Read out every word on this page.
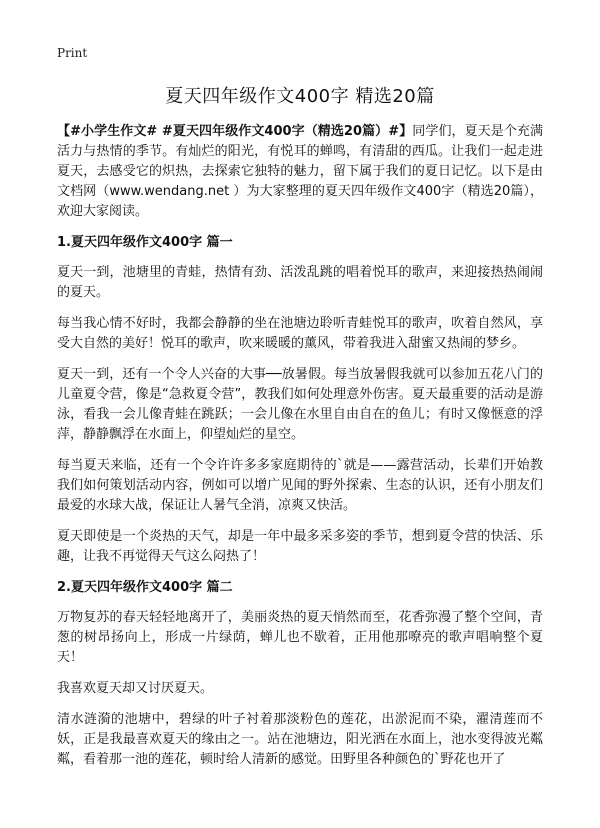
Print
夏天四年级作文400字 精选20篇

【#小学生作文# #夏天四年级作文400字（精选20篇）#】同学们，夏天是个充满活力与热情的季节。有灿烂的阳光，有悦耳的蝉鸣，有清甜的西瓜。让我们一起走进夏天，去感受它的炽热，去探索它独特的魅力，留下属于我们的夏日记忆。以下是由文档网（www.wendang.net ）为大家整理的夏天四年级作文400字（精选20篇），欢迎大家阅读。

1.夏天四年级作文400字 篇一

夏天一到，池塘里的青蛙，热情有劲、活泼乱跳的唱着悦耳的歌声，来迎接热热闹闹的夏天。

每当我心情不好时，我都会静静的坐在池塘边聆听青蛙悦耳的歌声，吹着自然风，享受大自然的美好！悦耳的歌声，吹来暖暖的薰风，带着我进入甜蜜又热闹的梦乡。

夏天一到，还有一个令人兴奋的大事──放暑假。每当放暑假我就可以参加五花八门的儿童夏令营，像是“急救夏令营”，教我们如何处理意外伤害。夏天最重要的活动是游泳，看我一会儿像青蛙在跳跃；一会儿像在水里自由自在的鱼儿；有时又像惬意的浮萍，静静飘浮在水面上，仰望灿烂的星空。

每当夏天来临，还有一个令许许多多家庭期待的`就是——露营活动，长辈们开始教我们如何策划活动内容，例如可以增广见闻的野外探索、生态的认识，还有小朋友们最爱的水球大战，保证让人暑气全消，凉爽又快活。

夏天即使是一个炎热的天气，却是一年中最多采多姿的季节，想到夏令营的快活、乐趣，让我不再觉得天气这么闷热了！

2.夏天四年级作文400字 篇二

万物复苏的春天轻轻地离开了，美丽炎热的夏天悄然而至，花香弥漫了整个空间，青葱的树昂扬向上，形成一片绿荫，蝉儿也不歇着，正用他那嘹亮的歌声唱响整个夏天！

我喜欢夏天却又讨厌夏天。

清水涟漪的池塘中，碧绿的叶子衬着那淡粉色的莲花，出淤泥而不染，濯清莲而不妖，正是我最喜欢夏天的缘由之一。站在池塘边，阳光洒在水面上，池水变得波光粼粼，看着那一池的莲花，顿时给人清新的感觉。田野里各种颜色的`野花也开了
